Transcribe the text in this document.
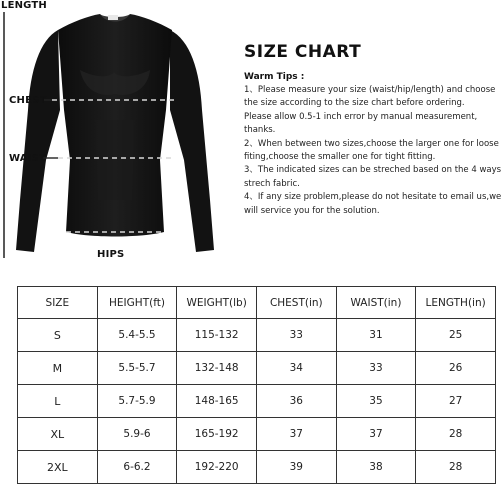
LENGTH
CHEST
WAIST
HIPS
SIZE CHART
Warm Tips :
1、Please measure your size (waist/hip/length) and choose
the size according to the size chart before ordering.
Please allow 0.5-1 inch error by manual measurement,
thanks.
2、When between two sizes,choose the larger one for loose
fiting,choose the smaller one for tight fitting.
3、The indicated sizes can be streched based on the 4 ways
strech fabric.
4、If any size problem,please do not hesitate to email us,we
will service you for the solution.
SIZE	HEIGHT(ft)	WEIGHT(lb)	CHEST(in)	WAIST(in)	LENGTH(in)
S	5.4-5.5	115-132	33	31	25
M	5.5-5.7	132-148	34	33	26
L	5.7-5.9	148-165	36	35	27
XL	5.9-6	165-192	37	37	28
2XL	6-6.2	192-220	39	38	28
